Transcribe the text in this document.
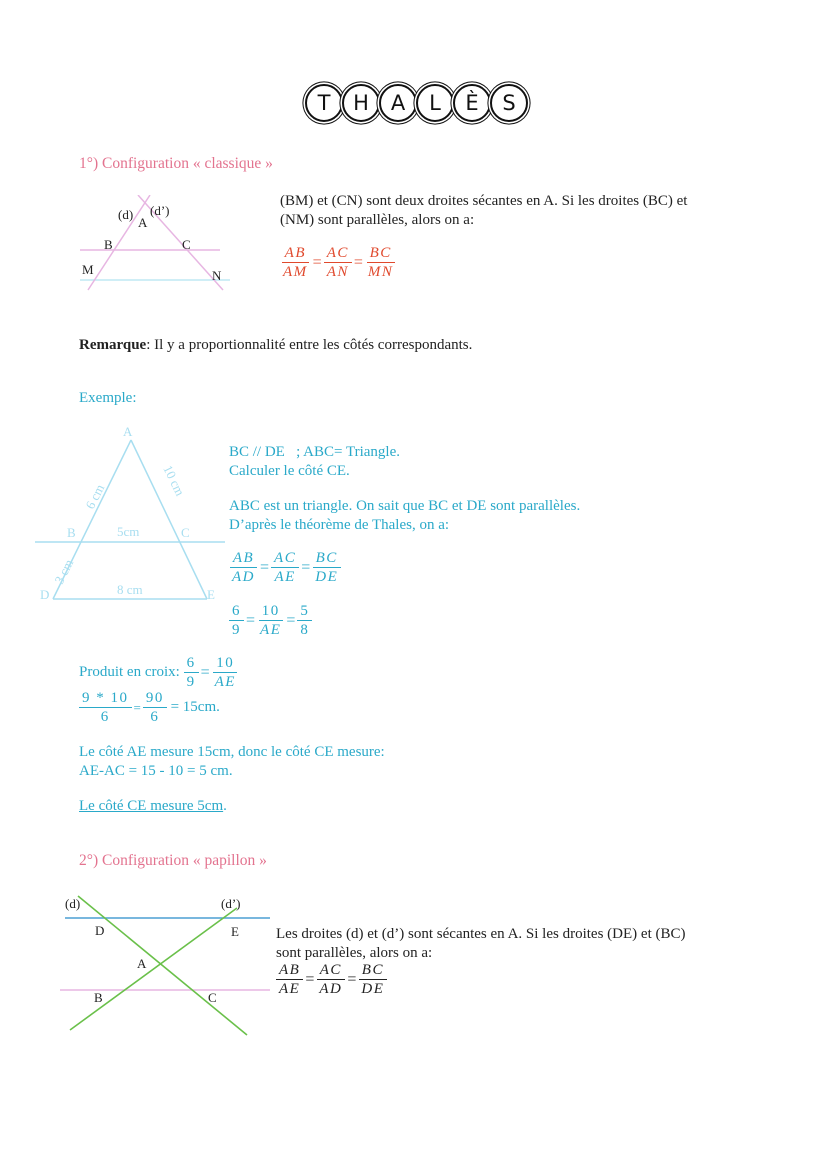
T	H	A	L	È	S
1°) Configuration « classique »
(d) (d’)
A
B	C
M	N
(BM) et (CN) sont deux droites sécantes en A. Si les droites (BC) et
(NM) sont parallèles, alors on a:
$\frac{AB}{AM} = \frac{AC}{AN} = \frac{BC}{MN}$
Remarque: Il y a proportionnalité entre les côtés correspondants.
Exemple:
A
B	C
D	E
6 cm	10 cm
5cm
3 cm
8 cm
BC // DE   ; ABC= Triangle.
Calculer le côté CE.
ABC est un triangle. On sait que BC et DE sont parallèles.
D’après le théorème de Thales, on a:
$\frac{AB}{AD} = \frac{AC}{AE} = \frac{BC}{DE}$
$\frac{6}{9} = \frac{10}{AE} = \frac{5}{8}$
Produit en croix: $\frac{6}{9} = \frac{10}{AE}$
$\frac{9 * 10}{6} = \frac{90}{6} = 15cm$.
Le côté AE mesure 15cm, donc le côté CE mesure:
AE-AC = 15 - 10 = 5 cm.
Le côté CE mesure 5cm.
2°) Configuration « papillon »
(d)	(d’)
D	E
A
B	C
Les droites (d) et (d’) sont sécantes en A. Si les droites (DE) et (BC)
sont parallèles, alors on a:
$\frac{AB}{AE} = \frac{AC}{AD} = \frac{BC}{DE}$
